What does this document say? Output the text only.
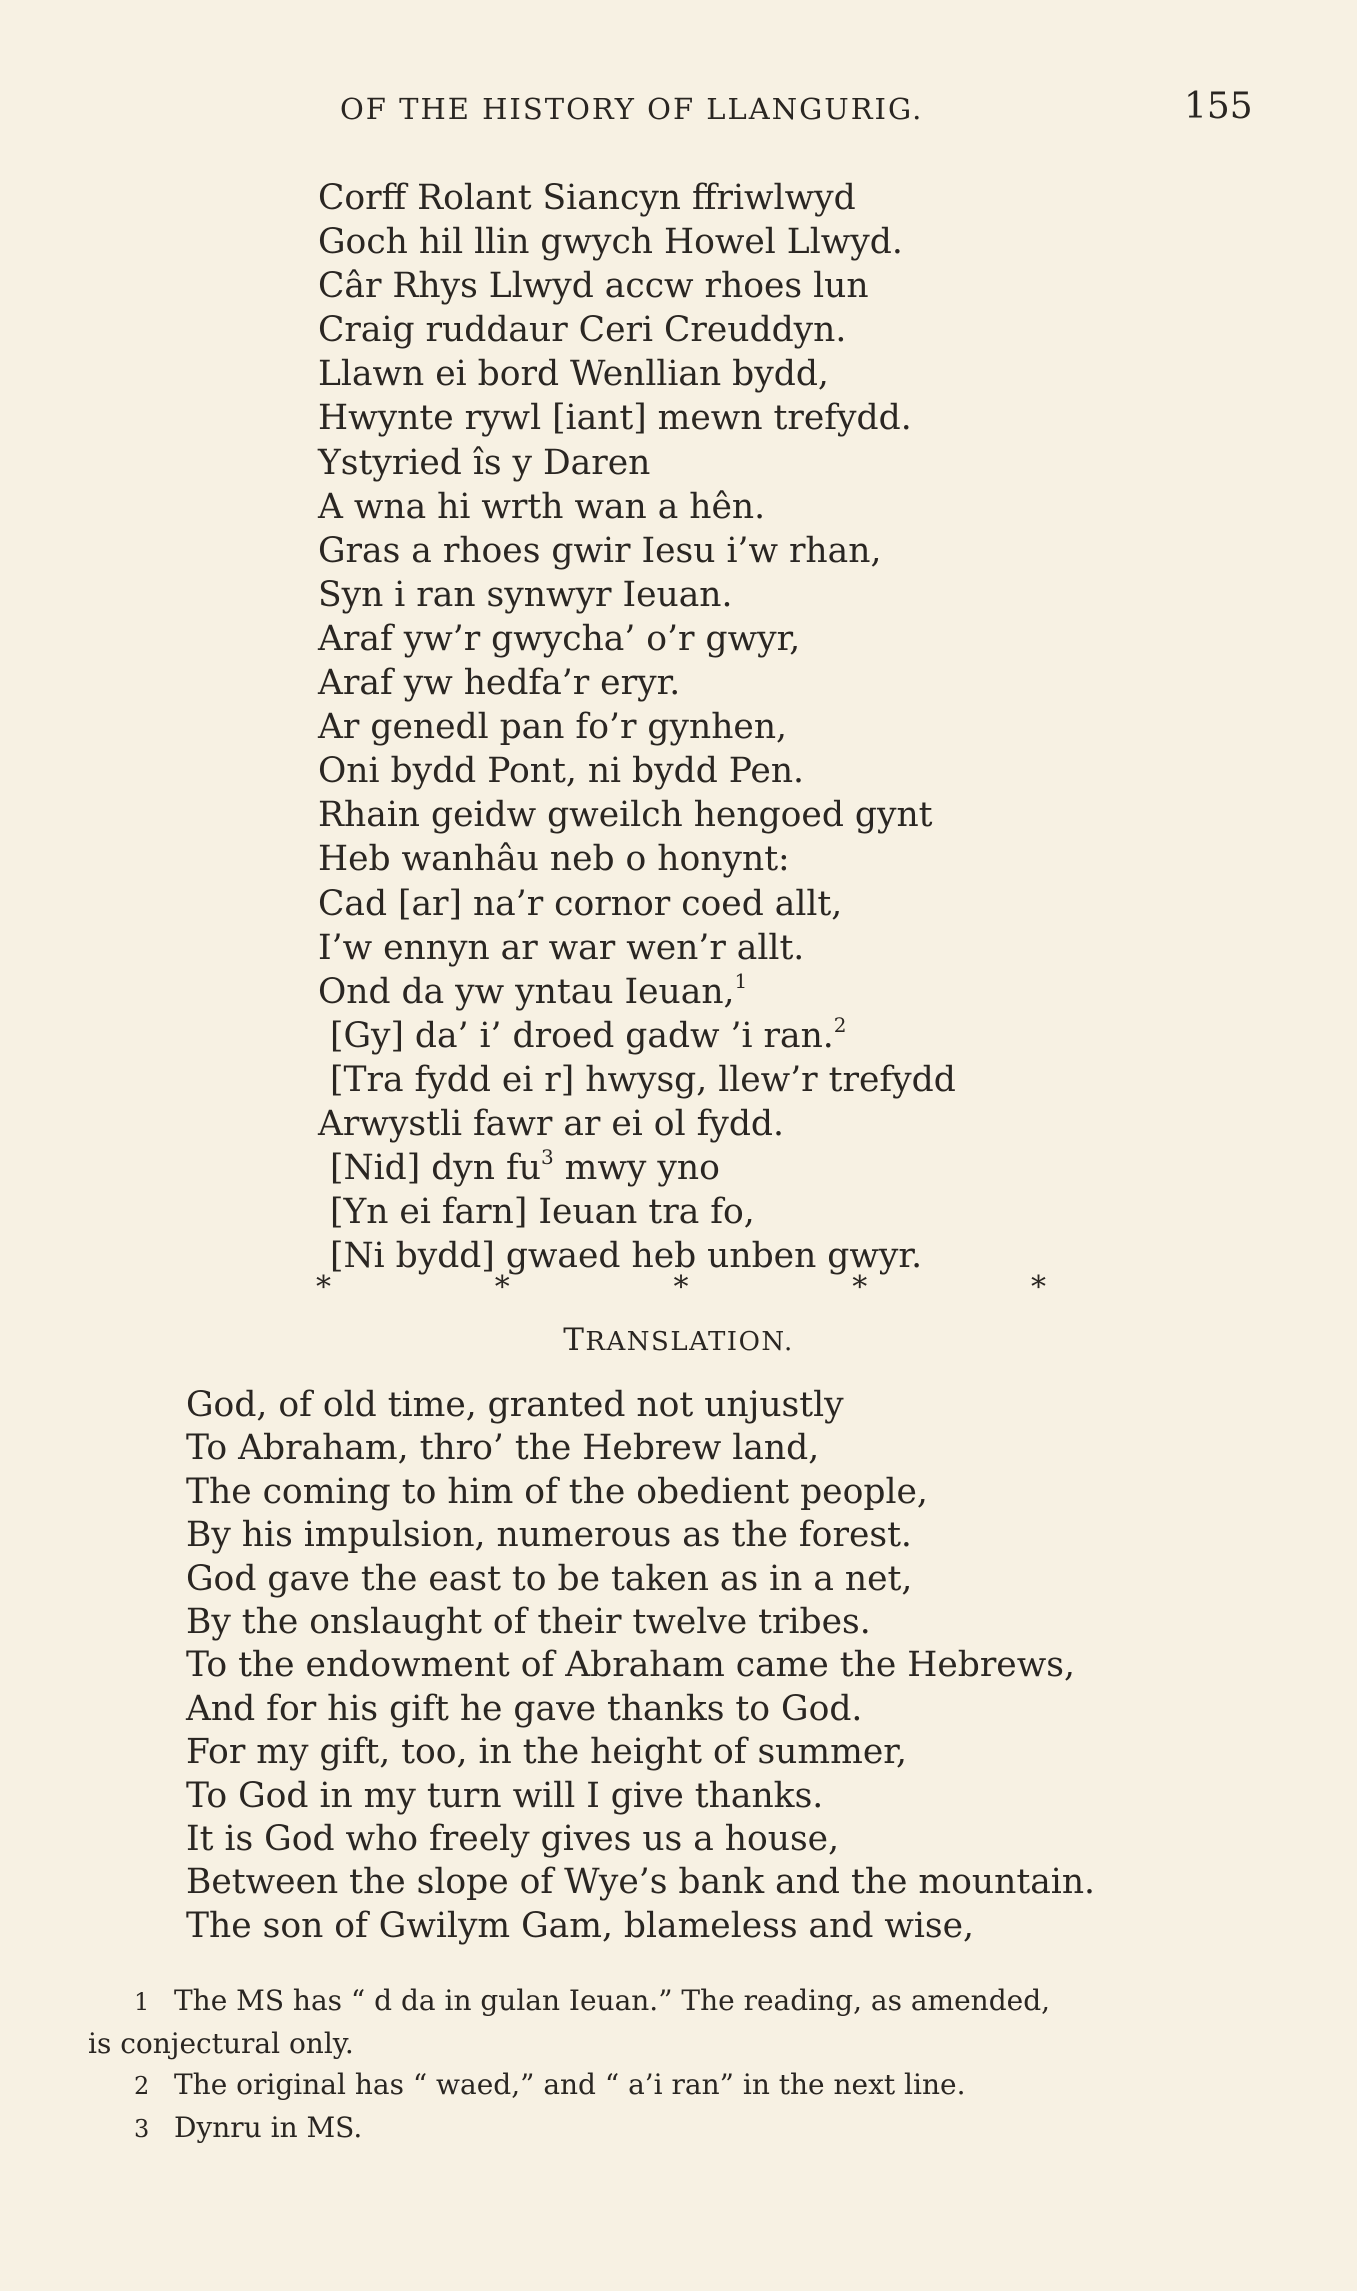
OF THE HISTORY OF LLANGURIG.	155
Corff Rolant Siancyn ffriwlwyd
Goch hil llin gwych Howel Llwyd.
Câr Rhys Llwyd accw rhoes lun
Craig ruddaur Ceri Creuddyn.
Llawn ei bord Wenllian bydd,
Hwynte rywl [iant] mewn trefydd.
Ystyried îs y Daren
A wna hi wrth wan a hên.
Gras a rhoes gwir Iesu i’w rhan,
Syn i ran synwyr Ieuan.
Araf yw’r gwycha’ o’r gwyr,
Araf yw hedfa’r eryr.
Ar genedl pan fo’r gynhen,
Oni bydd Pont, ni bydd Pen.
Rhain geidw gweilch hengoed gynt
Heb wanhâu neb o honynt:
Cad [ar] na’r cornor coed allt,
I’w ennyn ar war wen’r allt.
Ond da yw yntau Ieuan,$^1$
[Gy] da’ i’ droed gadw ’i ran.$^2$
[Tra fydd ei r] hwysg, llew’r trefydd
Arwystli fawr ar ei ol fydd.
[Nid] dyn $fu^3$ mwy yno
[Yn ei farn] Ieuan tra fo,
[Ni bydd] gwaed heb unben gwyr.
*	*	*	*	*
TRANSLATION.
God, of old time, granted not unjustly
To Abraham, thro’ the Hebrew land,
The coming to him of the obedient people,
By his impulsion, numerous as the forest.
God gave the east to be taken as in a net,
By the onslaught of their twelve tribes.
To the endowment of Abraham came the Hebrews,
And for his gift he gave thanks to God.
For my gift, too, in the height of summer,
To God in my turn will I give thanks.
It is God who freely gives us a house,
Between the slope of Wye’s bank and the mountain.
The son of Gwilym Gam, blameless and wise,
1 The MS has “ d da in gulan Ieuan.” The reading, as amended,
is conjectural only.
2 The original has “ waed,” and “ a’i ran” in the next line.
3 Dynru in MS.
